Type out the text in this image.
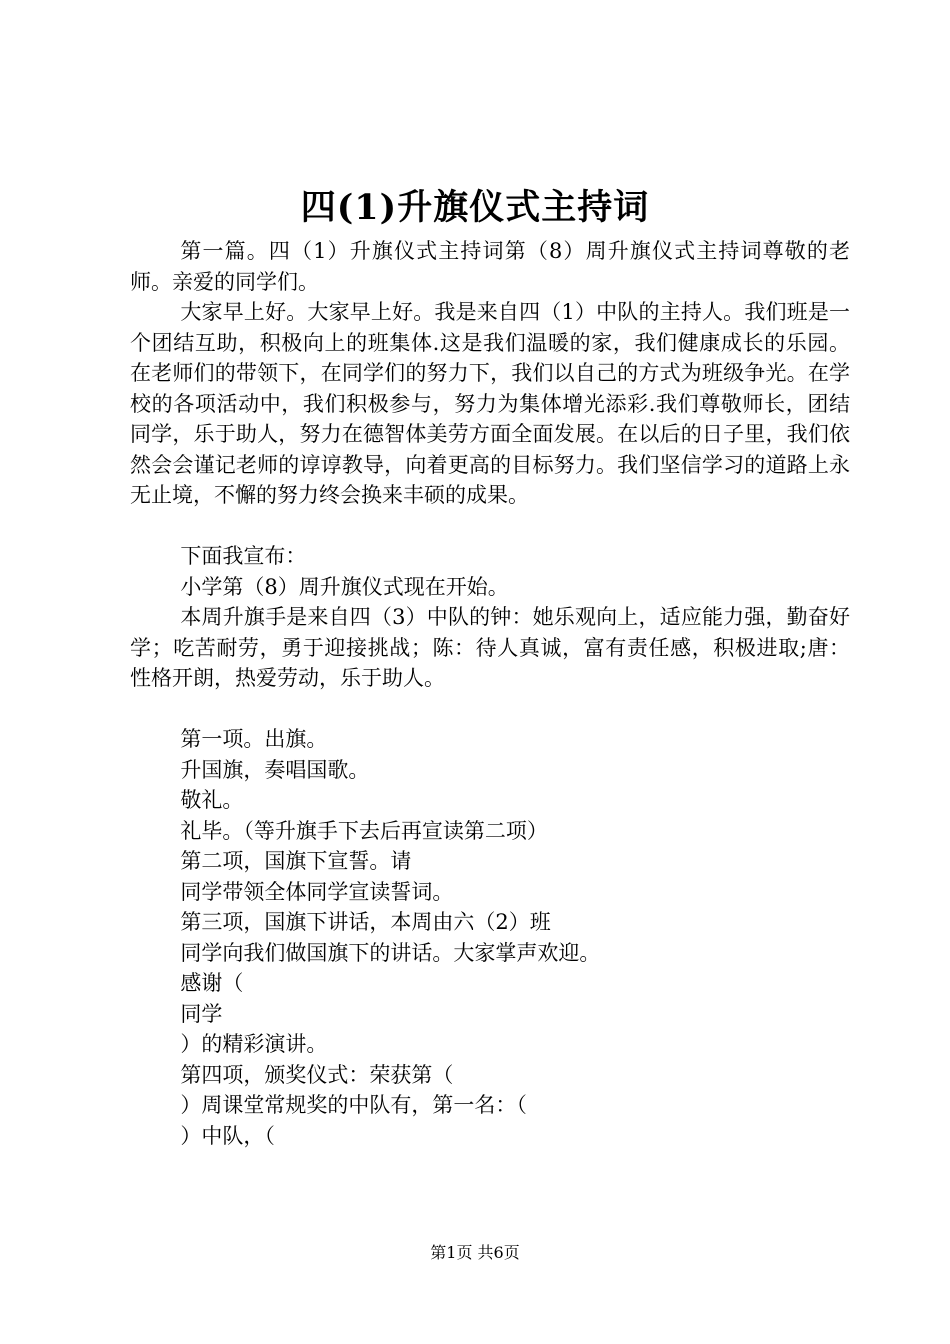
四(1)升旗仪式主持词

第一篇。四（1）升旗仪式主持词第（8）周升旗仪式主持词尊敬的老师。亲爱的同学们。

大家早上好。大家早上好。我是来自四（1）中队的主持人。我们班是一个团结互助，积极向上的班集体.这是我们温暖的家，我们健康成长的乐园。在老师们的带领下，在同学们的努力下，我们以自己的方式为班级争光。在学校的各项活动中，我们积极参与，努力为集体增光添彩.我们尊敬师长，团结同学，乐于助人，努力在德智体美劳方面全面发展。在以后的日子里，我们依然会会谨记老师的谆谆教导，向着更高的目标努力。我们坚信学习的道路上永无止境，不懈的努力终会换来丰硕的成果。

下面我宣布：

小学第（8）周升旗仪式现在开始。

本周升旗手是来自四（3）中队的钟：她乐观向上，适应能力强，勤奋好学；吃苦耐劳，勇于迎接挑战；陈：待人真诚，富有责任感，积极进取;唐：性格开朗，热爱劳动，乐于助人。

第一项。出旗。

升国旗，奏唱国歌。

敬礼。

礼毕。（等升旗手下去后再宣读第二项）

第二项，国旗下宣誓。请

同学带领全体同学宣读誓词。

第三项，国旗下讲话，本周由六（2）班

同学向我们做国旗下的讲话。大家掌声欢迎。

感谢（

同学

）的精彩演讲。

第四项，颁奖仪式：荣获第（

）周课堂常规奖的中队有，第一名：（

）中队，（

第1页 共6页
